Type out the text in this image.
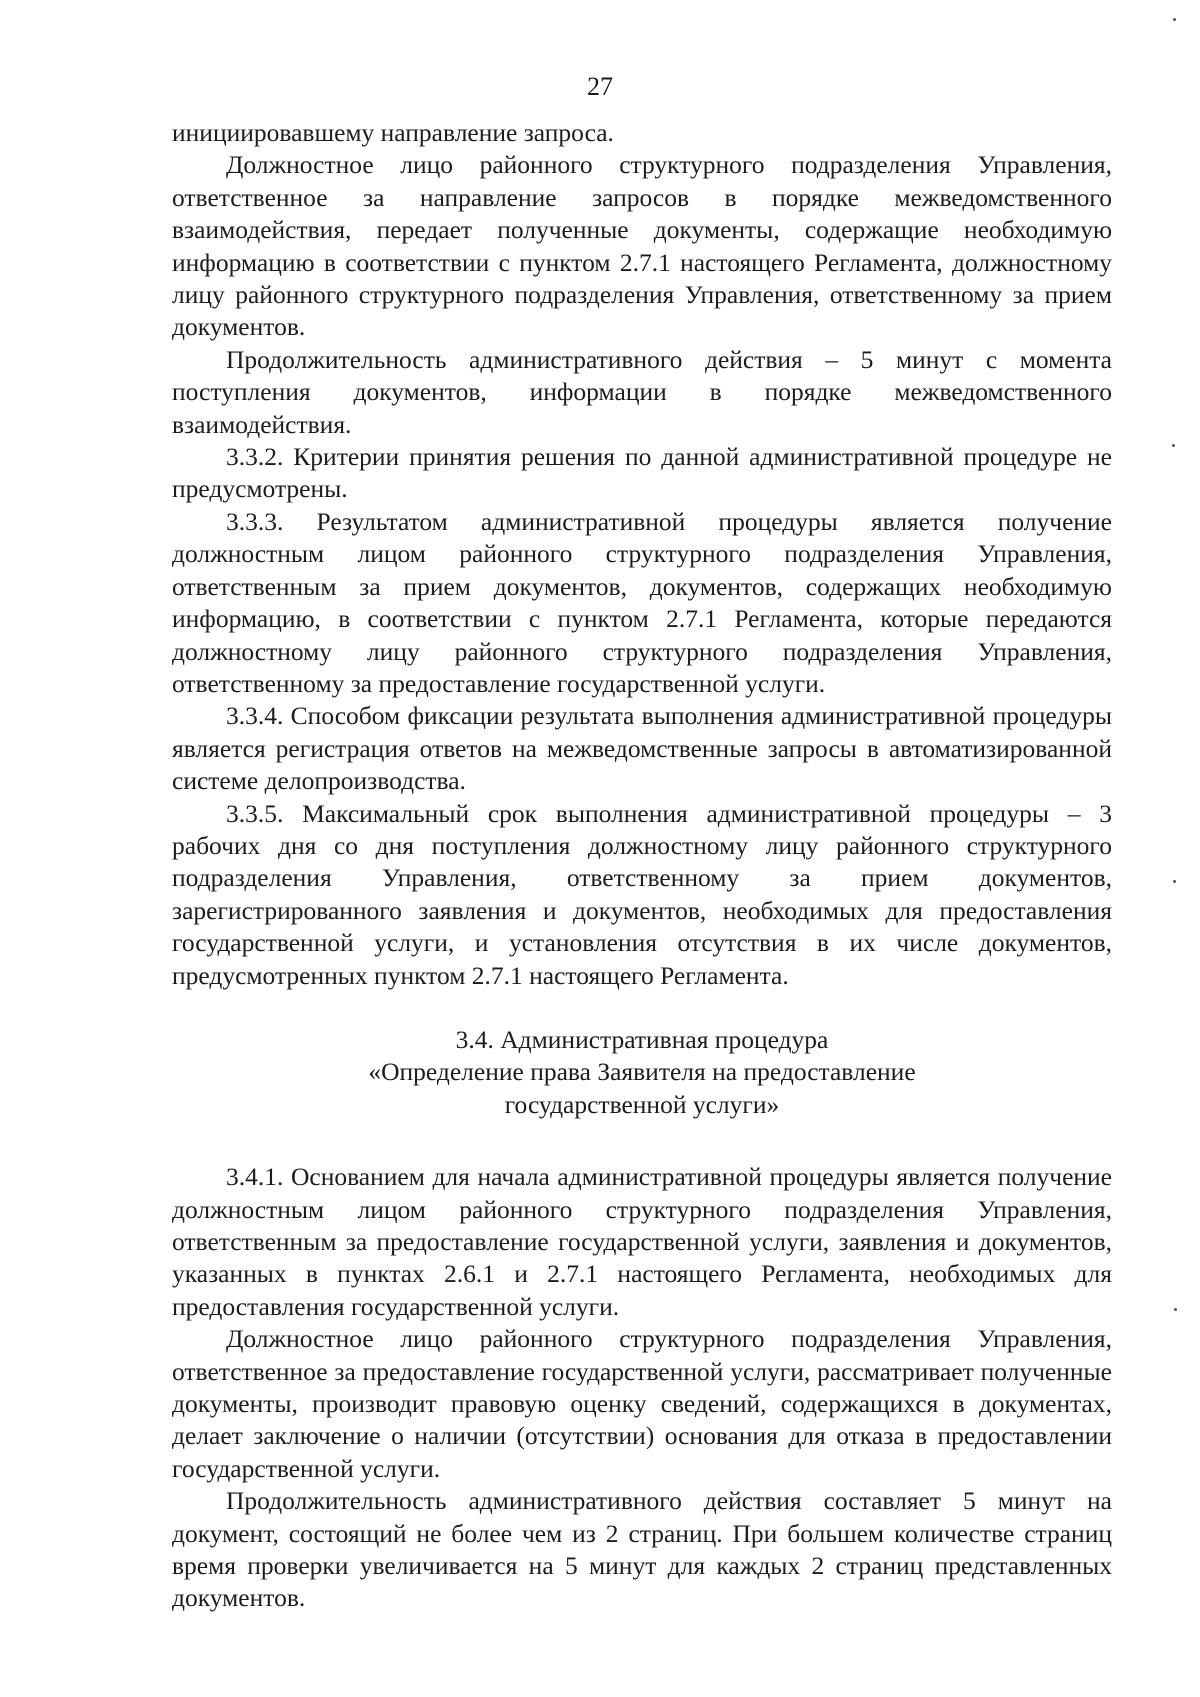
27

инициировавшему направление запроса.

Должностное лицо районного структурного подразделения Управления, ответственное за направление запросов в порядке межведомственного взаимодействия, передает полученные документы, содержащие необходимую информацию в соответствии с пунктом 2.7.1 настоящего Регламента, должностному лицу районного структурного подразделения Управления, ответственному за прием документов.

Продолжительность административного действия – 5 минут с момента поступления документов, информации в порядке межведомственного взаимодействия.

3.3.2. Критерии принятия решения по данной административной процедуре не предусмотрены.

3.3.3. Результатом административной процедуры является получение должностным лицом районного структурного подразделения Управления, ответственным за прием документов, документов, содержащих необходимую информацию, в соответствии с пунктом 2.7.1 Регламента, которые передаются должностному лицу районного структурного подразделения Управления, ответственному за предоставление государственной услуги.

3.3.4. Способом фиксации результата выполнения административной процедуры является регистрация ответов на межведомственные запросы в автоматизированной системе делопроизводства.

3.3.5. Максимальный срок выполнения административной процедуры – 3 рабочих дня со дня поступления должностному лицу районного структурного подразделения Управления, ответственному за прием документов, зарегистрированного заявления и документов, необходимых для предоставления государственной услуги, и установления отсутствия в их числе документов, предусмотренных пунктом 2.7.1 настоящего Регламента.

3.4. Административная процедура
«Определение права Заявителя на предоставление
государственной услуги»

3.4.1. Основанием для начала административной процедуры является получение должностным лицом районного структурного подразделения Управления, ответственным за предоставление государственной услуги, заявления и документов, указанных в пунктах 2.6.1 и 2.7.1 настоящего Регламента, необходимых для предоставления государственной услуги.

Должностное лицо районного структурного подразделения Управления, ответственное за предоставление государственной услуги, рассматривает полученные документы, производит правовую оценку сведений, содержащихся в документах, делает заключение о наличии (отсутствии) основания для отказа в предоставлении государственной услуги.

Продолжительность административного действия составляет 5 минут на документ, состоящий не более чем из 2 страниц. При большем количестве страниц время проверки увеличивается на 5 минут для каждых 2 страниц представленных документов.
